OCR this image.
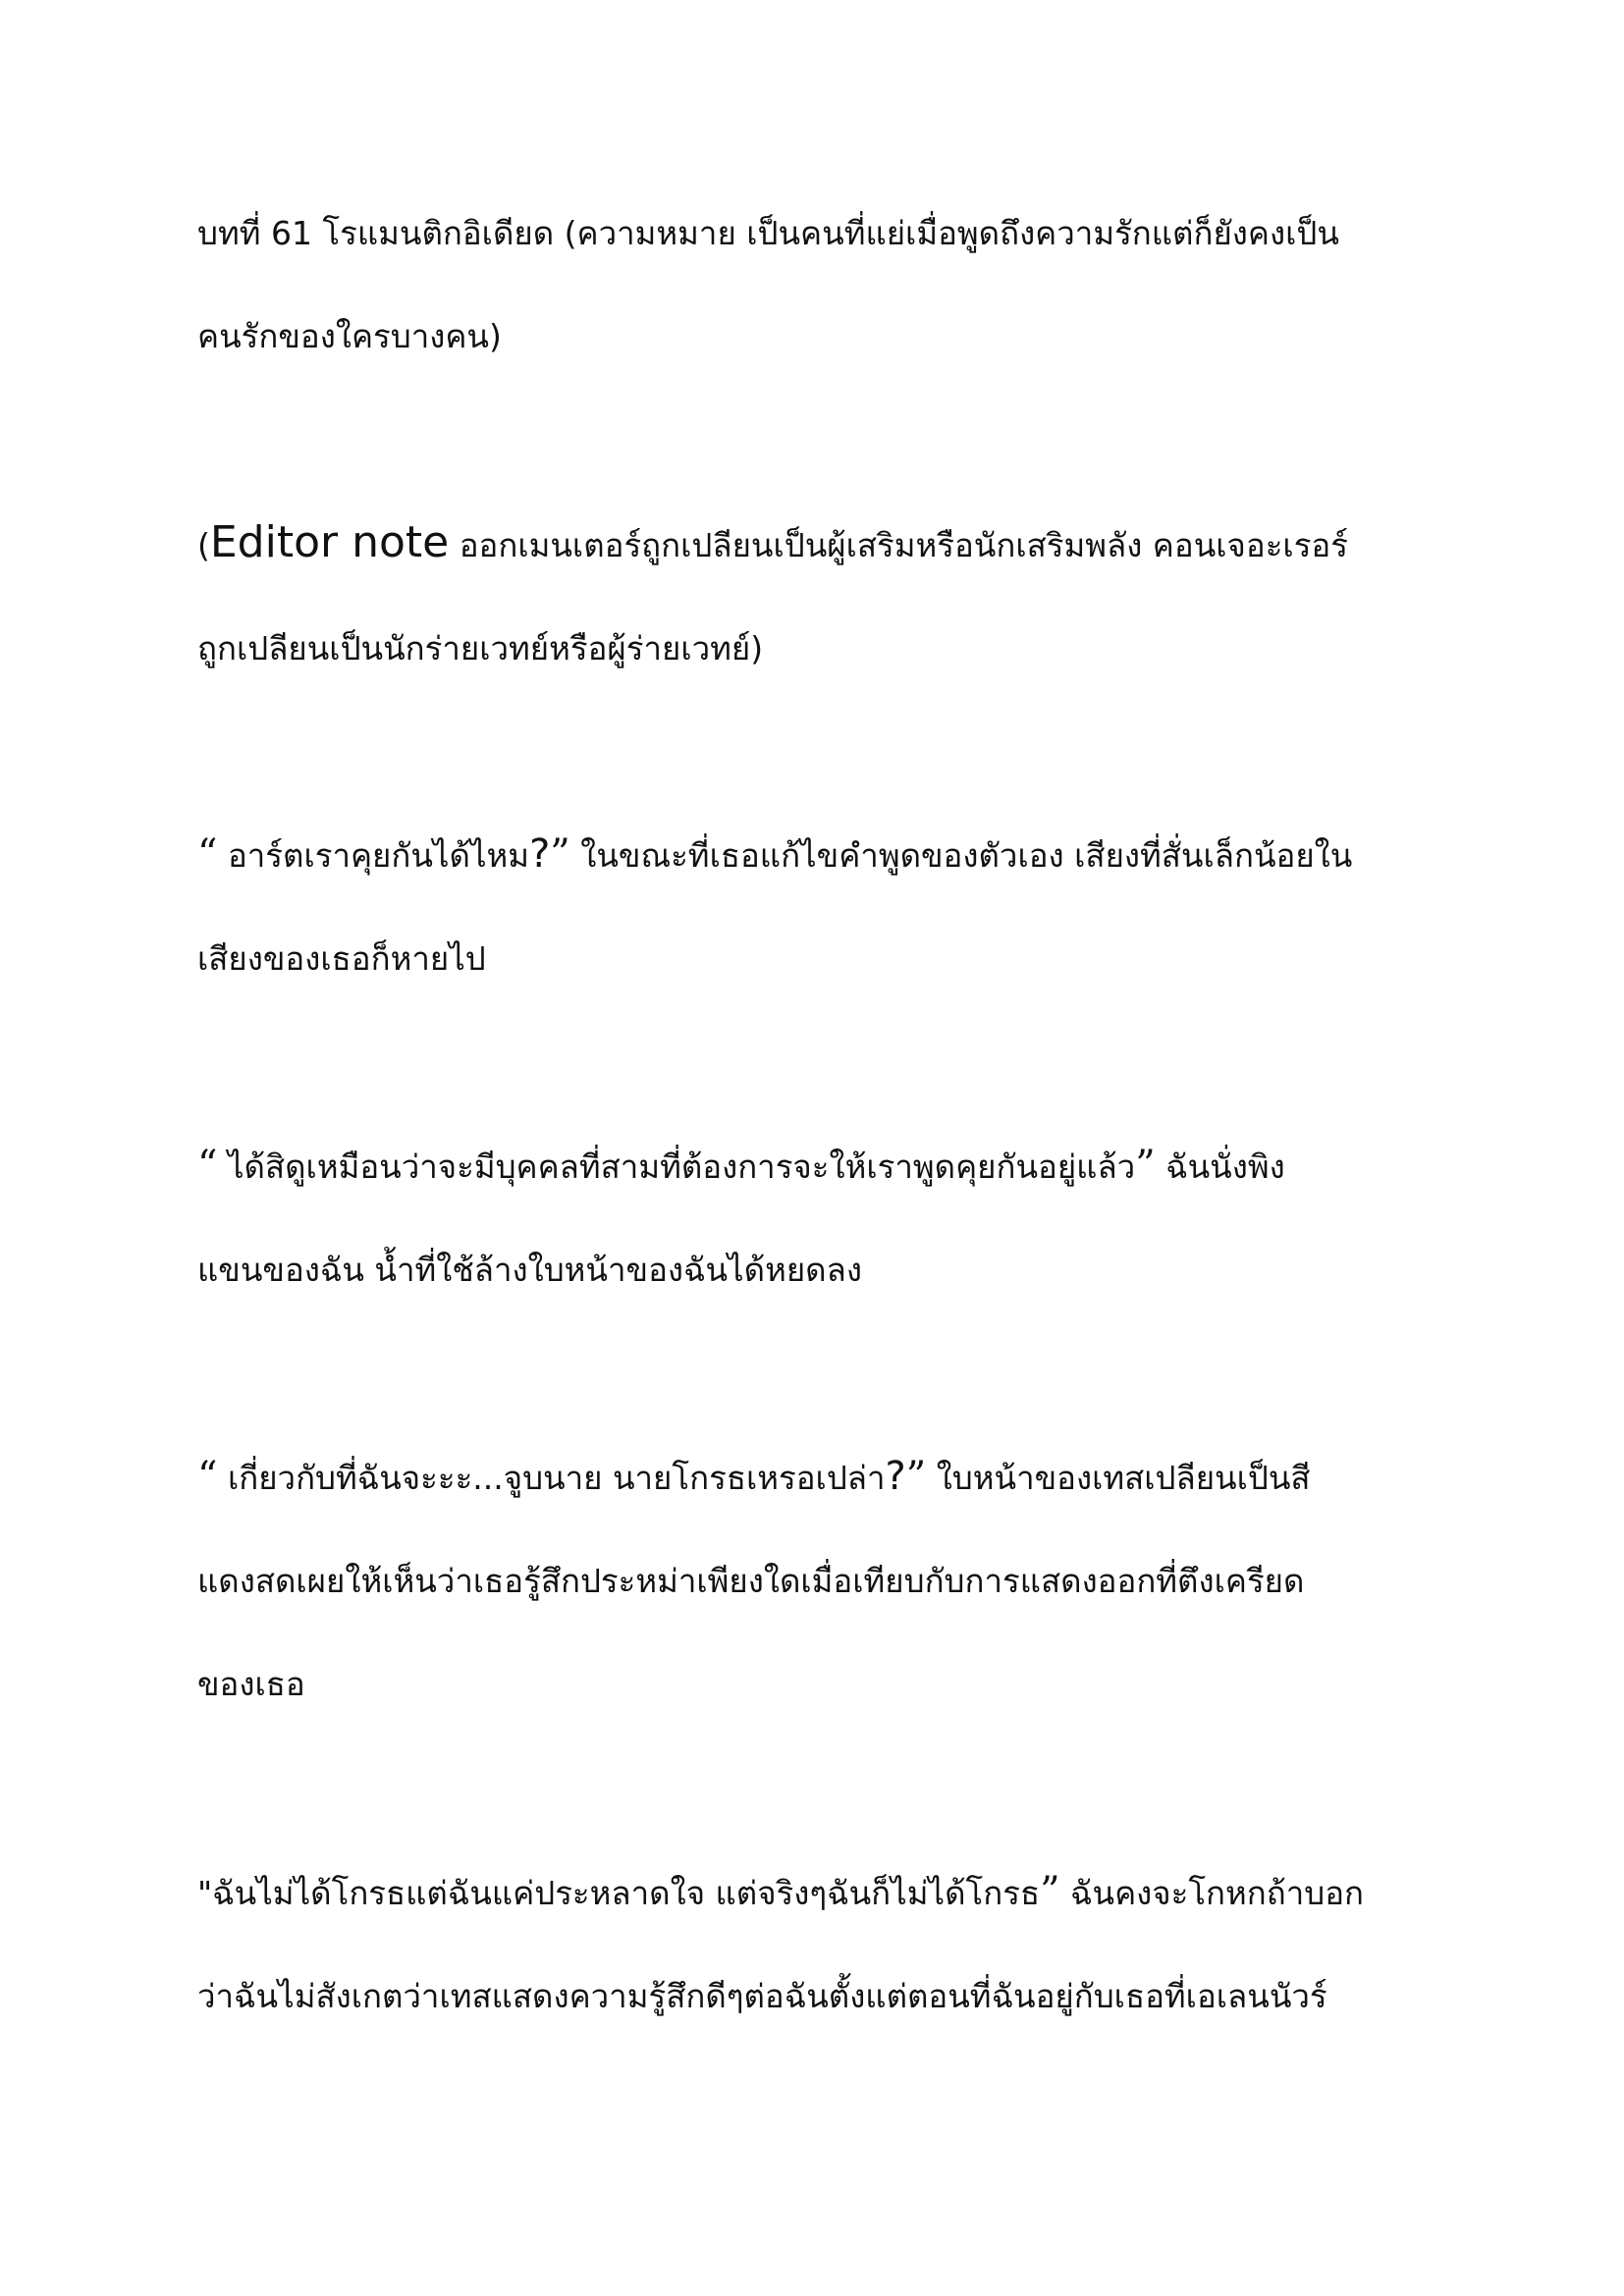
บทที่ 61 โรแมนติกอิเดียด (ความหมาย เป็นคนที่แย่เมื่อพูดถึงความรักแต่ก็ยังคงเป็น
คนรักของใครบางคน)
(Editor note ออกเมนเตอร์ถูกเปลียนเป็นผู้เสริมหรือนักเสริมพลัง คอนเจอะเรอร์
ถูกเปลียนเป็นนักร่ายเวทย์หรือผู้ร่ายเวทย์)
“ อาร์ตเราคุยกันได้ไหม?” ในขณะที่เธอแก้ไขคำพูดของตัวเอง เสียงที่สั่นเล็กน้อยใน
เสียงของเธอก็หายไป
“ ได้สิดูเหมือนว่าจะมีบุคคลที่สามที่ต้องการจะให้เราพูดคุยกันอยู่แล้ว” ฉันนั่งพิง
แขนของฉัน น้ำที่ใช้ล้างใบหน้าของฉันได้หยดลง
“ เกี่ยวกับที่ฉันจะะะ...จูบนาย นายโกรธเหรอเปล่า?” ใบหน้าของเทสเปลียนเป็นสี
แดงสดเผยให้เห็นว่าเธอรู้สึกประหม่าเพียงใดเมื่อเทียบกับการแสดงออกที่ตึงเครียด
ของเธอ
"ฉันไม่ได้โกรธแต่ฉันแค่ประหลาดใจ แต่จริงๆฉันก็ไม่ได้โกรธ” ฉันคงจะโกหกถ้าบอก
ว่าฉันไม่สังเกตว่าเทสแสดงความรู้สึกดีๆต่อฉันตั้งแต่ตอนที่ฉันอยู่กับเธอที่เอเลนนัวร์
